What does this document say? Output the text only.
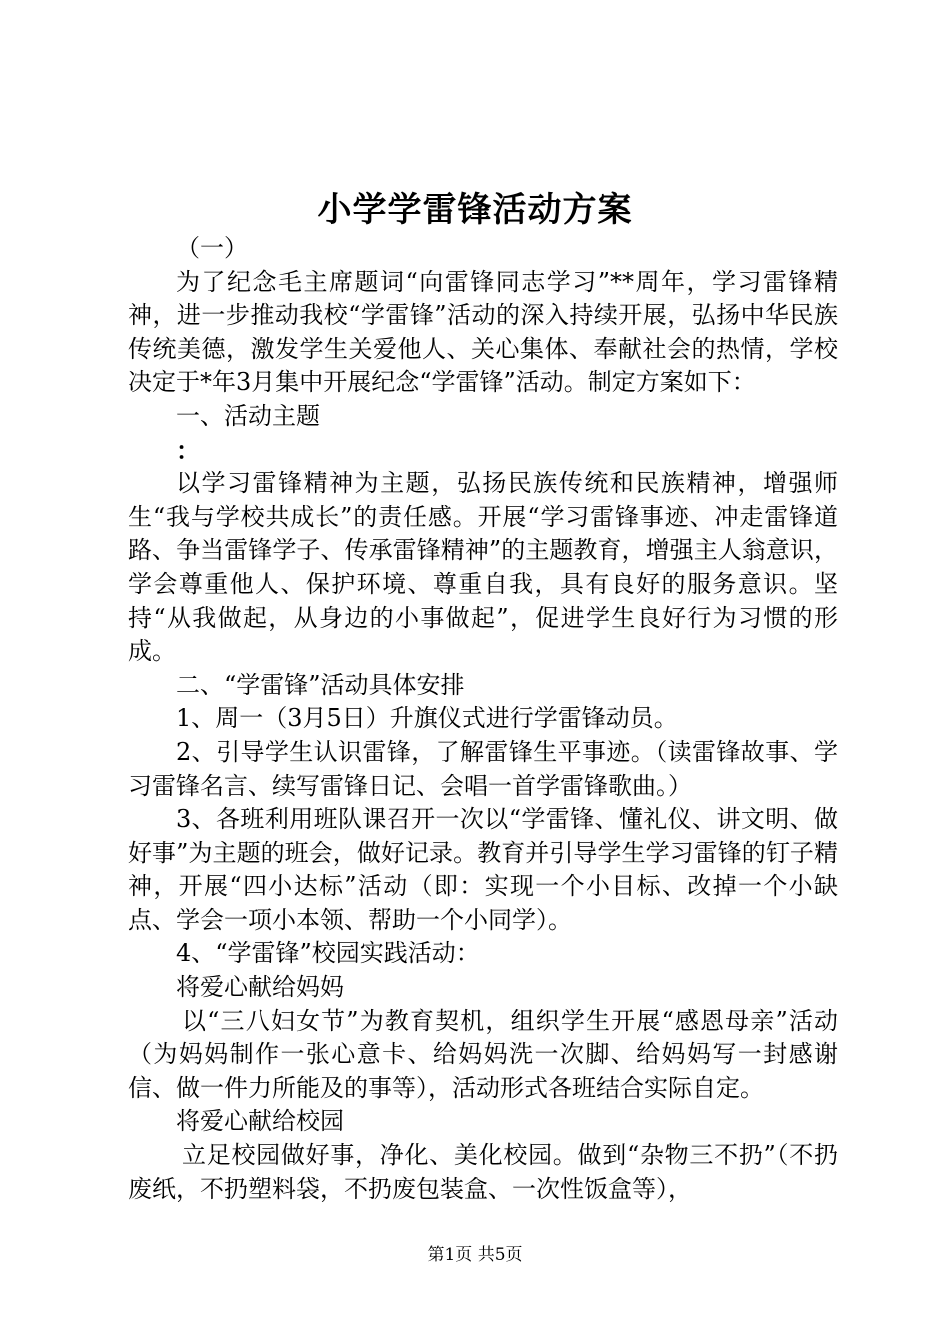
小学学雷锋活动方案

（一）

为了纪念毛主席题词“向雷锋同志学习”**周年，学习雷锋精神，进一步推动我校“学雷锋”活动的深入持续开展，弘扬中华民族传统美德，激发学生关爱他人、关心集体、奉献社会的热情，学校决定于*年3月集中开展纪念“学雷锋”活动。制定方案如下：

一、活动主题

：

以学习雷锋精神为主题，弘扬民族传统和民族精神，增强师生“我与学校共成长”的责任感。开展“学习雷锋事迹、冲走雷锋道路、争当雷锋学子、传承雷锋精神”的主题教育，增强主人翁意识，学会尊重他人、保护环境、尊重自我，具有良好的服务意识。坚持“从我做起，从身边的小事做起”，促进学生良好行为习惯的形成。

二、“学雷锋”活动具体安排

1、周一（3月5日）升旗仪式进行学雷锋动员。

2、引导学生认识雷锋，了解雷锋生平事迹。（读雷锋故事、学习雷锋名言、续写雷锋日记、会唱一首学雷锋歌曲。）

3、各班利用班队课召开一次以“学雷锋、懂礼仪、讲文明、做好事”为主题的班会，做好记录。教育并引导学生学习雷锋的钉子精神，开展“四小达标”活动（即：实现一个小目标、改掉一个小缺点、学会一项小本领、帮助一个小同学）。

4、“学雷锋”校园实践活动：

将爱心献给妈妈

以“三八妇女节”为教育契机，组织学生开展“感恩母亲”活动（为妈妈制作一张心意卡、给妈妈洗一次脚、给妈妈写一封感谢信、做一件力所能及的事等），活动形式各班结合实际自定。

将爱心献给校园

立足校园做好事，净化、美化校园。做到“杂物三不扔”（不扔废纸，不扔塑料袋，不扔废包装盒、一次性饭盒等），

第1页 共5页
